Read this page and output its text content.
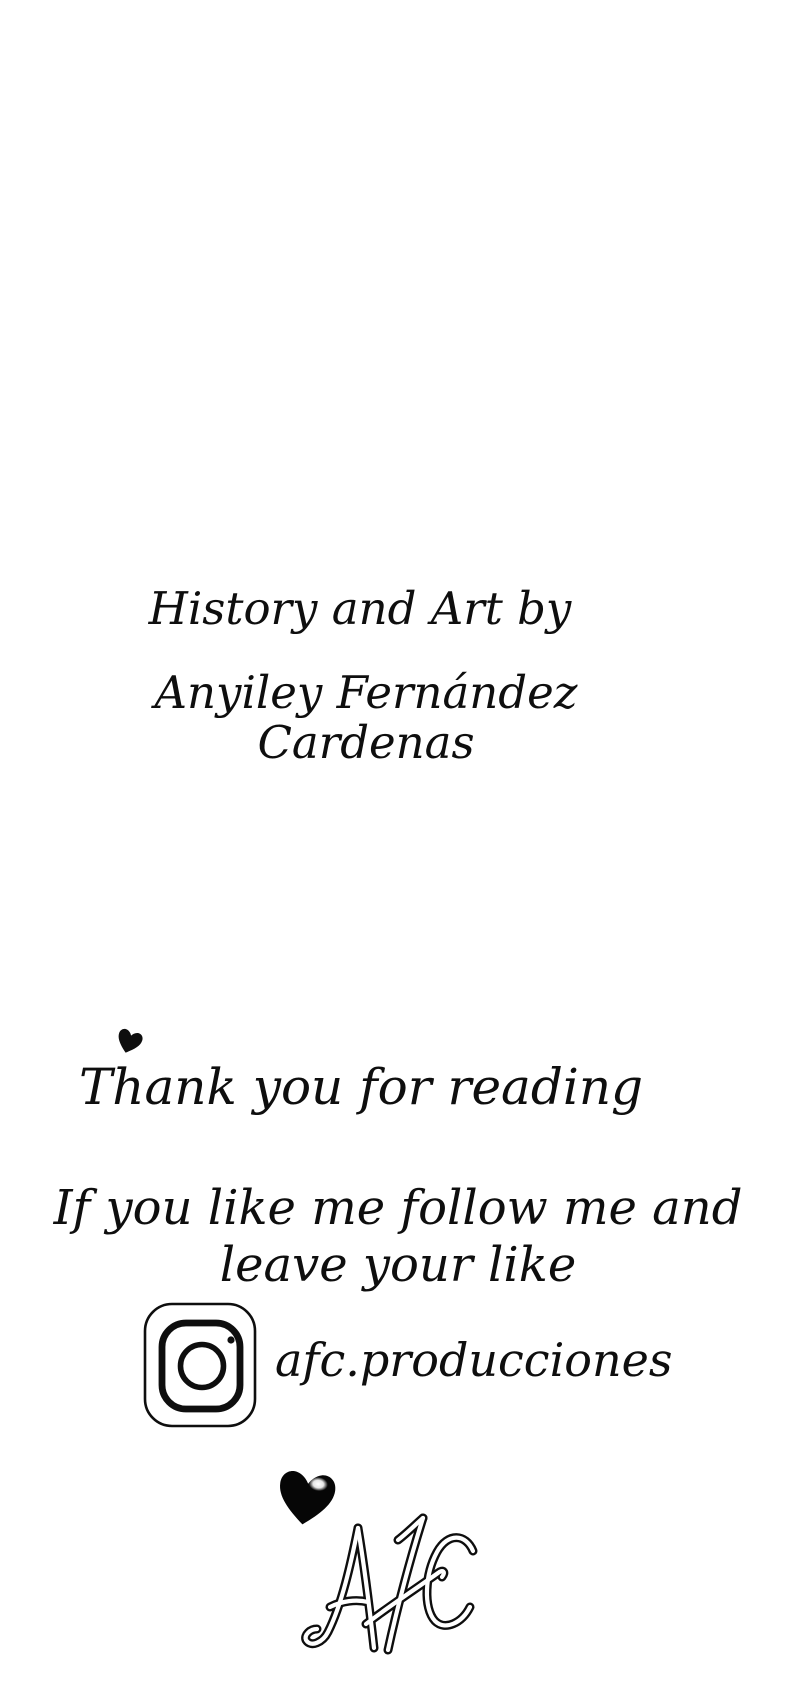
History and Art by
Anyiley Fernández
Cardenas
Thank you for reading
If you like me follow me and
leave your like
afc.producciones
